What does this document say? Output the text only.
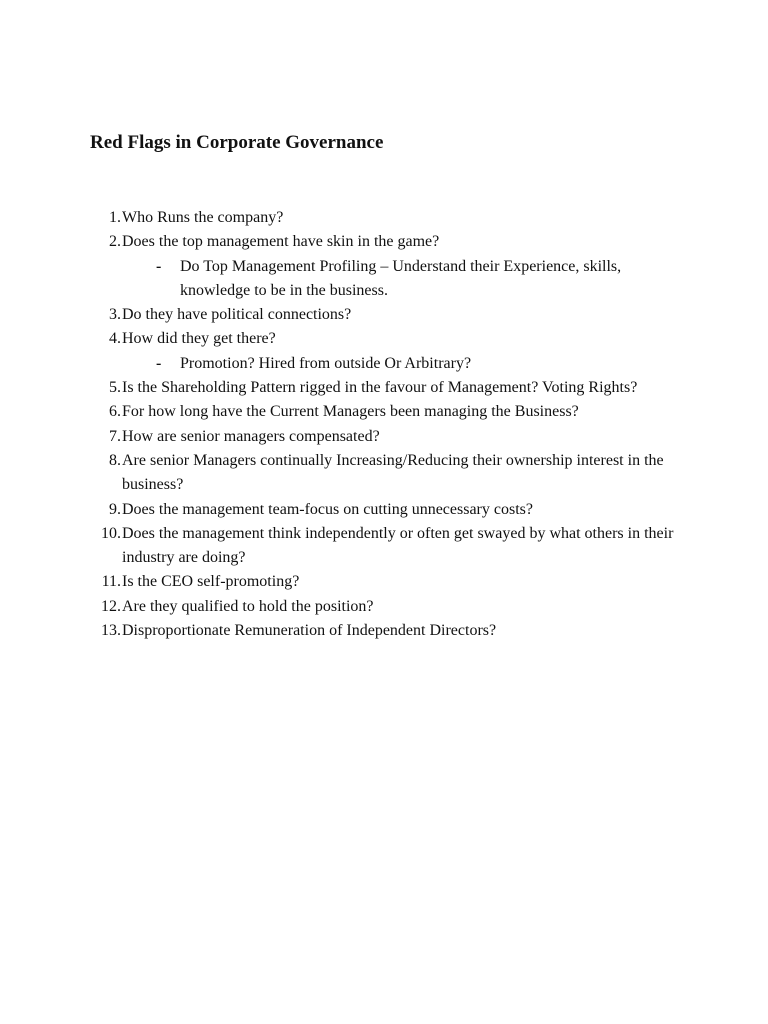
Red Flags in Corporate Governance
1. Who Runs the company?
2. Does the top management have skin in the game?
-	Do Top Management Profiling – Understand their Experience, skills, knowledge to be in the business.
3. Do they have political connections?
4. How did they get there?
-	Promotion? Hired from outside Or Arbitrary?
5. Is the Shareholding Pattern rigged in the favour of Management? Voting Rights?
6. For how long have the Current Managers been managing the Business?
7. How are senior managers compensated?
8. Are senior Managers continually Increasing/Reducing their ownership interest in the business?
9. Does the management team-focus on cutting unnecessary costs?
10. Does the management think independently or often get swayed by what others in their industry are doing?
11. Is the CEO self-promoting?
12. Are they qualified to hold the position?
13. Disproportionate Remuneration of Independent Directors?
